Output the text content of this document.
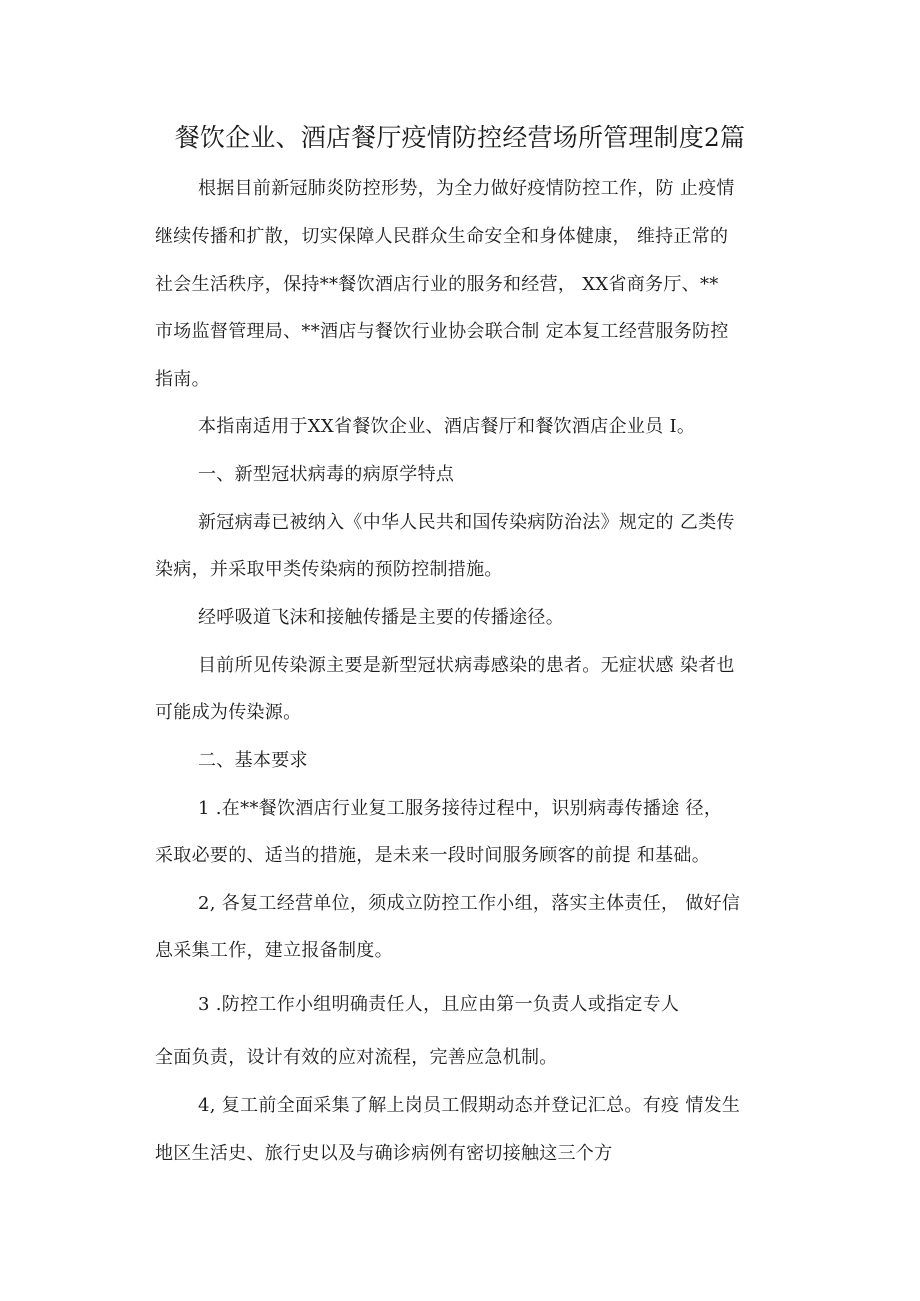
餐饮企业、酒店餐厅疫情防控经营场所管理制度2篇
根据目前新冠肺炎防控形势，为全力做好疫情防控工作，防 止疫情
继续传播和扩散，切实保障人民群众生命安全和身体健康， 维持正常的
社会生活秩序，保持**餐饮酒店行业的服务和经营， XX省商务厅、**
市场监督管理局、**酒店与餐饮行业协会联合制 定本复工经营服务防控
指南。
本指南适用于XX省餐饮企业、酒店餐厅和餐饮酒店企业员 I。
一、新型冠状病毒的病原学特点
新冠病毒已被纳入《中华人民共和国传染病防治法》规定的 乙类传
染病，并采取甲类传染病的预防控制措施。
经呼吸道飞沫和接触传播是主要的传播途径。
目前所见传染源主要是新型冠状病毒感染的患者。无症状感 染者也
可能成为传染源。
二、基本要求
1 .在**餐饮酒店行业复工服务接待过程中，识别病毒传播途 径，
采取必要的、适当的措施，是未来一段时间服务顾客的前提 和基础。
2, 各复工经营单位，须成立防控工作小组，落实主体责任， 做好信
息采集工作，建立报备制度。
3 .防控工作小组明确责任人，且应由第一负责人或指定专人
全面负责，设计有效的应对流程，完善应急机制。
4, 复工前全面采集了解上岗员工假期动态并登记汇总。有疫 情发生
地区生活史、旅行史以及与确诊病例有密切接触这三个方
